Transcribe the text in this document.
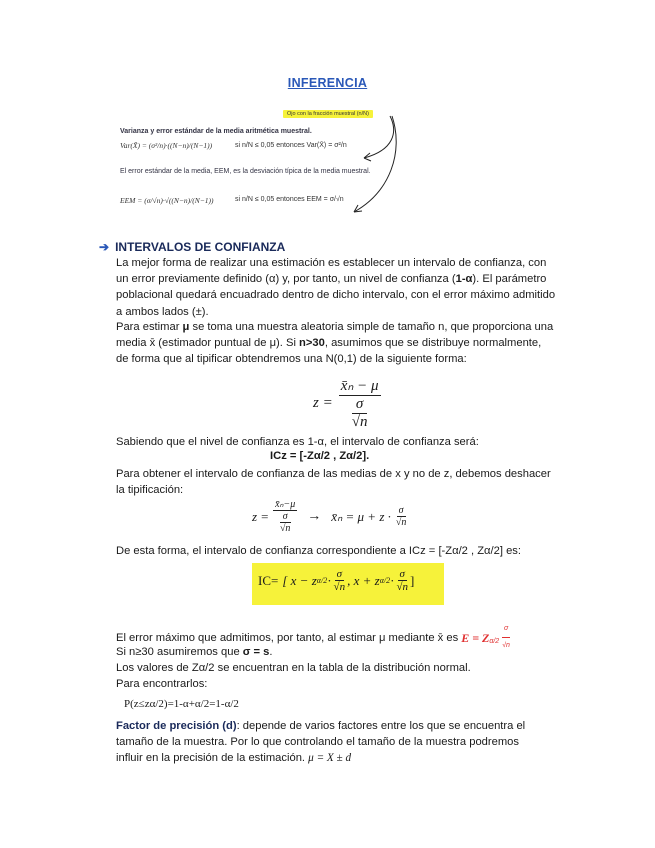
INFERENCIA
Ojo con la fracción muestral (n/N)
Varianza y error estándar de la media aritmética muestral.
Var(X̄) = (σ²/n)·((N−n)/(N−1))	si n/N ≤ 0,05 entonces Var(X̄) = σ²/n
El error estándar de la media, EEM, es la desviación típica de la media muestral.
EEM = (σ/√n)·√((N−n)/(N−1))	si n/N ≤ 0,05 entonces EEM = σ/√n
➔ INTERVALOS DE CONFIANZA
La mejor forma de realizar una estimación es establecer un intervalo de confianza, con
un error previamente definido (α) y, por tanto, un nivel de confianza (1-α). El parámetro
poblacional quedará encuadrado dentro de dicho intervalo, con el error máximo admitido
a ambos lados (±).
Para estimar μ se toma una muestra aleatoria simple de tamaño n, que proporciona una
media x̄ (estimador puntual de μ). Si n>30, asumimos que se distribuye normalmente,
de forma que al tipificar obtendremos una N(0,1) de la siguiente forma:
z = x̄ₙ − μ
σ
√n
Sabiendo que el nivel de confianza es 1-α, el intervalo de confianza será:
ICz = [-Zα/2 , Zα/2].
Para obtener el intervalo de confianza de las medias de x y no de z, debemos deshacer
la tipificación:
z = x̄ₙ−μ
σ
√n → x̄ₙ = $\mu + z \cdot \frac{\sigma}{√n}$
De esta forma, el intervalo de confianza correspondiente a ICz = [-Zα/2 , Zα/2] es:
IC= [ x − z $\alpha/2 \cdot \frac{\sigma}{√n}$ , x + z $\alpha/2 \cdot \frac{\sigma}{√n}$ ]
El error máximo que admitimos, por tanto, al estimar μ mediante x̄ es $E = Z_{\alpha/2} \frac{\sigma}{√n}$
Si n≥30 asumiremos que σ = s.
Los valores de Zα/2 se encuentran en la tabla de la distribución normal.
Para encontrarlos:
P(z≤zα/2)=1-α+α/2=1-α/2
Factor de precisión (d): depende de varios factores entre los que se encuentra el
tamaño de la muestra. Por lo que controlando el tamaño de la muestra podremos
influir en la precisión de la estimación. μ = X ± d
